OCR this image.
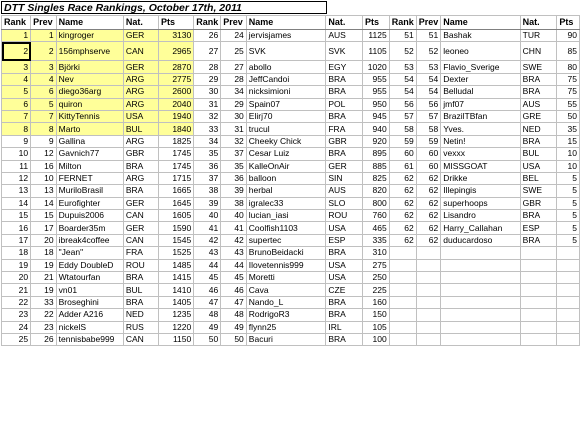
DTT Singles Race Rankings, October 17th, 2011
Rank	Prev	Name	Nat.	Pts	Rank	Prev	Name	Nat.	Pts	Rank	Prev	Name	Nat.	Pts
1	1	kingroger	GER	3130	26	24	jervisjames	AUS	1125	51	51	Bashak	TUR	90
2	2	156mphserve	CAN	2965	27	25	SVK	SVK	1105	52	52	leoneo	CHN	85
3	3	Björki	GER	2870	28	27	abollo	EGY	1020	53	53	Flavio_Sverige	SWE	80
4	4	Nev	ARG	2775	29	28	JeffCandoi	BRA	955	54	54	Dexter	BRA	75
5	6	diego36arg	ARG	2600	30	34	nicksimioni	BRA	955	54	54	Belludal	BRA	75
6	5	quiron	ARG	2040	31	29	Spain07	POL	950	56	56	jmf07	AUS	55
7	7	KittyTennis	USA	1940	32	30	Elirj70	BRA	945	57	57	BrazilTBfan	GRE	50
8	8	Marto	BUL	1840	33	31	trucul	FRA	940	58	58	Yves.	NED	35
9	9	Gallina	ARG	1825	34	32	Cheeky Chick	GBR	920	59	59	Netin!	BRA	15
10	12	Gavnich77	GBR	1745	35	37	Cesar Luiz	BRA	895	60	60	vexxx	BUL	10
11	16	Milton	BRA	1745	36	35	KalleOnAir	GER	885	61	60	MISSGOAT	USA	10
12	10	FERNET	ARG	1715	37	36	balloon	SIN	825	62	62	Drikke	BEL	5
13	13	MuriloBrasil	BRA	1665	38	39	herbal	AUS	820	62	62	Illepingis	SWE	5
14	14	Eurofighter	GER	1645	39	38	igralec33	SLO	800	62	62	superhoops	GBR	5
15	15	Dupuis2006	CAN	1605	40	40	lucian_iasi	ROU	760	62	62	Lisandro	BRA	5
16	17	Boarder35m	GER	1590	41	41	Coolfish1103	USA	465	62	62	Harry_Callahan	ESP	5
17	20	ibreak4coffee	CAN	1545	42	42	supertec	ESP	335	62	62	duducardoso	BRA	5
18	18	"Jean"	FRA	1525	43	43	BrunoBeidacki	BRA	310					
19	19	Eddy DoubleD	ROU	1485	44	44	Ilovetennis999	USA	275					
20	21	Wtatourfan	BRA	1415	45	45	Moretti	USA	250					
21	19	vn01	BUL	1410	46	46	Cava	CZE	225					
22	33	Broseghini	BRA	1405	47	47	Nando_L	BRA	160					
23	22	Adder A216	NED	1235	48	48	RodrigoR3	BRA	150					
24	23	nickelS	RUS	1220	49	49	flynn25	IRL	105					
25	26	tennisbabe999	CAN	1150	50	50	Bacuri	BRA	100					
